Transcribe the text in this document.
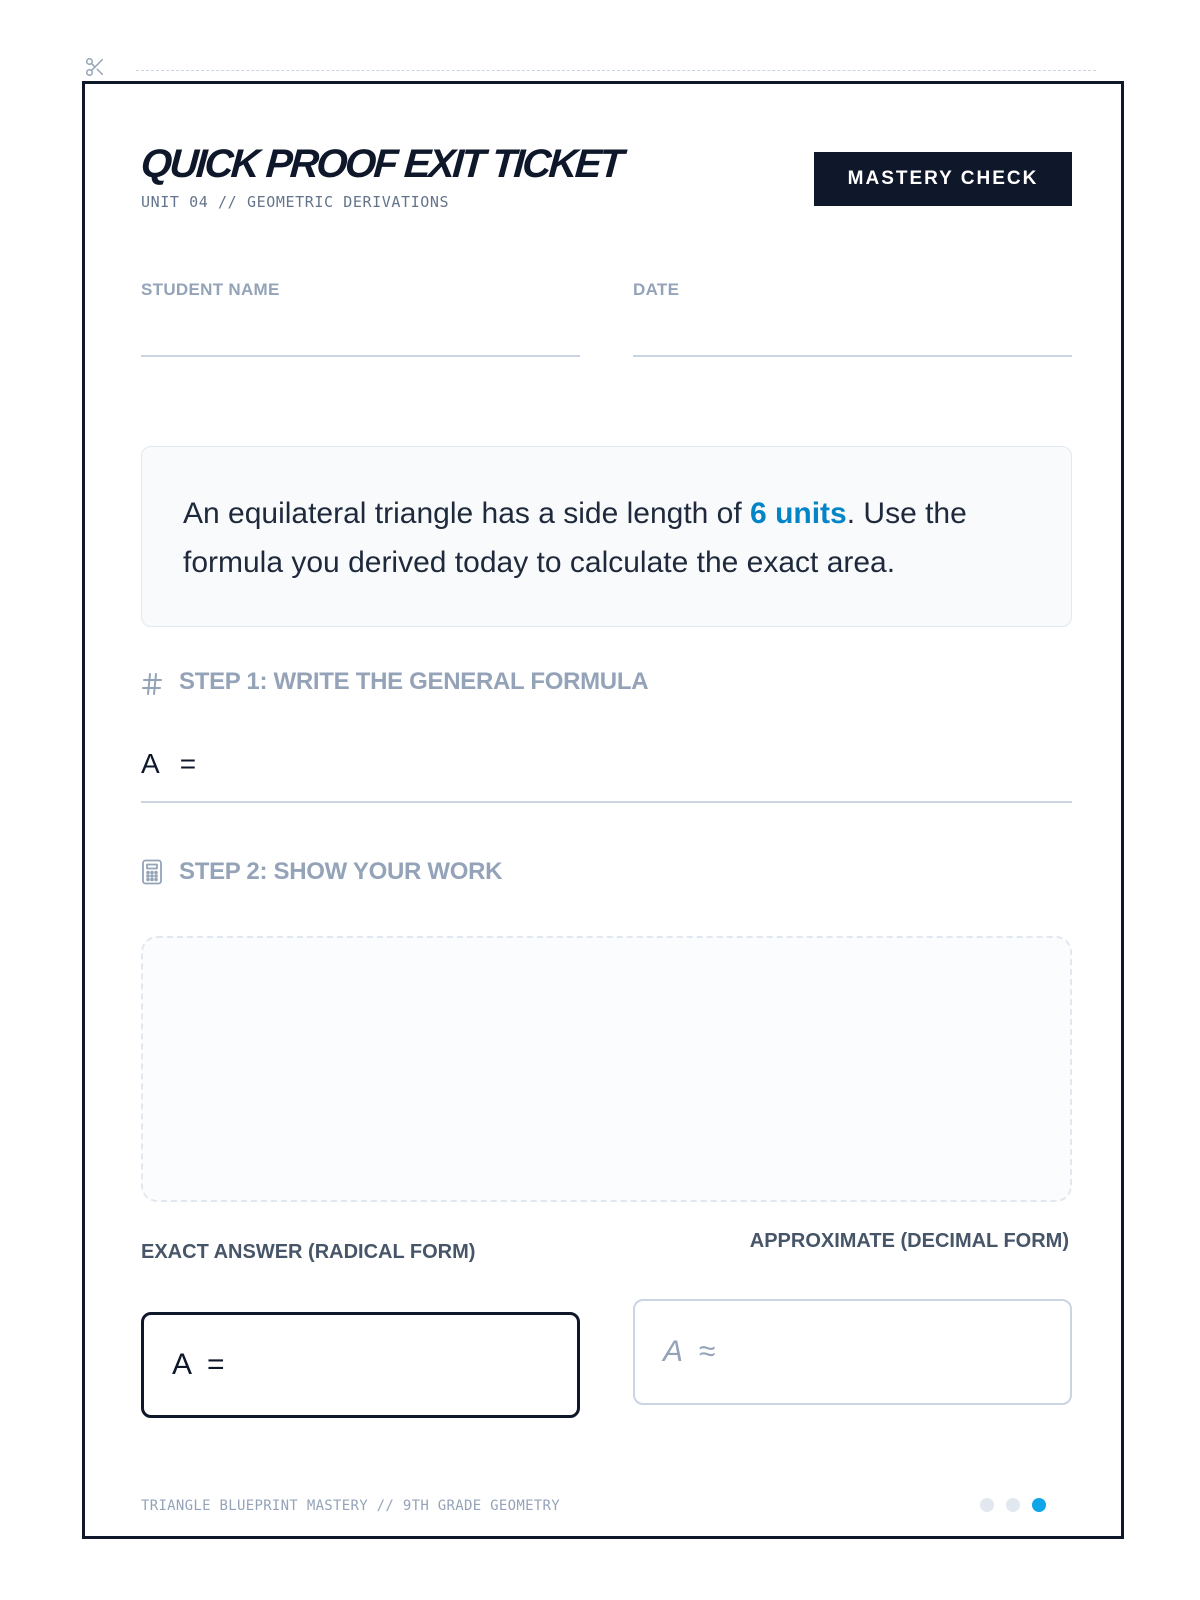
QUICK PROOF EXIT TICKET
UNIT 04 // GEOMETRIC DERIVATIONS
MASTERY CHECK
STUDENT NAME	DATE
An equilateral triangle has a side length of 6 units. Use the formula you derived today to calculate the exact area.
STEP 1: WRITE THE GENERAL FORMULA
A  =
STEP 2: SHOW YOUR WORK
EXACT ANSWER (RADICAL FORM)
A  =
APPROXIMATE (DECIMAL FORM)
A  ≈
TRIANGLE BLUEPRINT MASTERY // 9TH GRADE GEOMETRY
